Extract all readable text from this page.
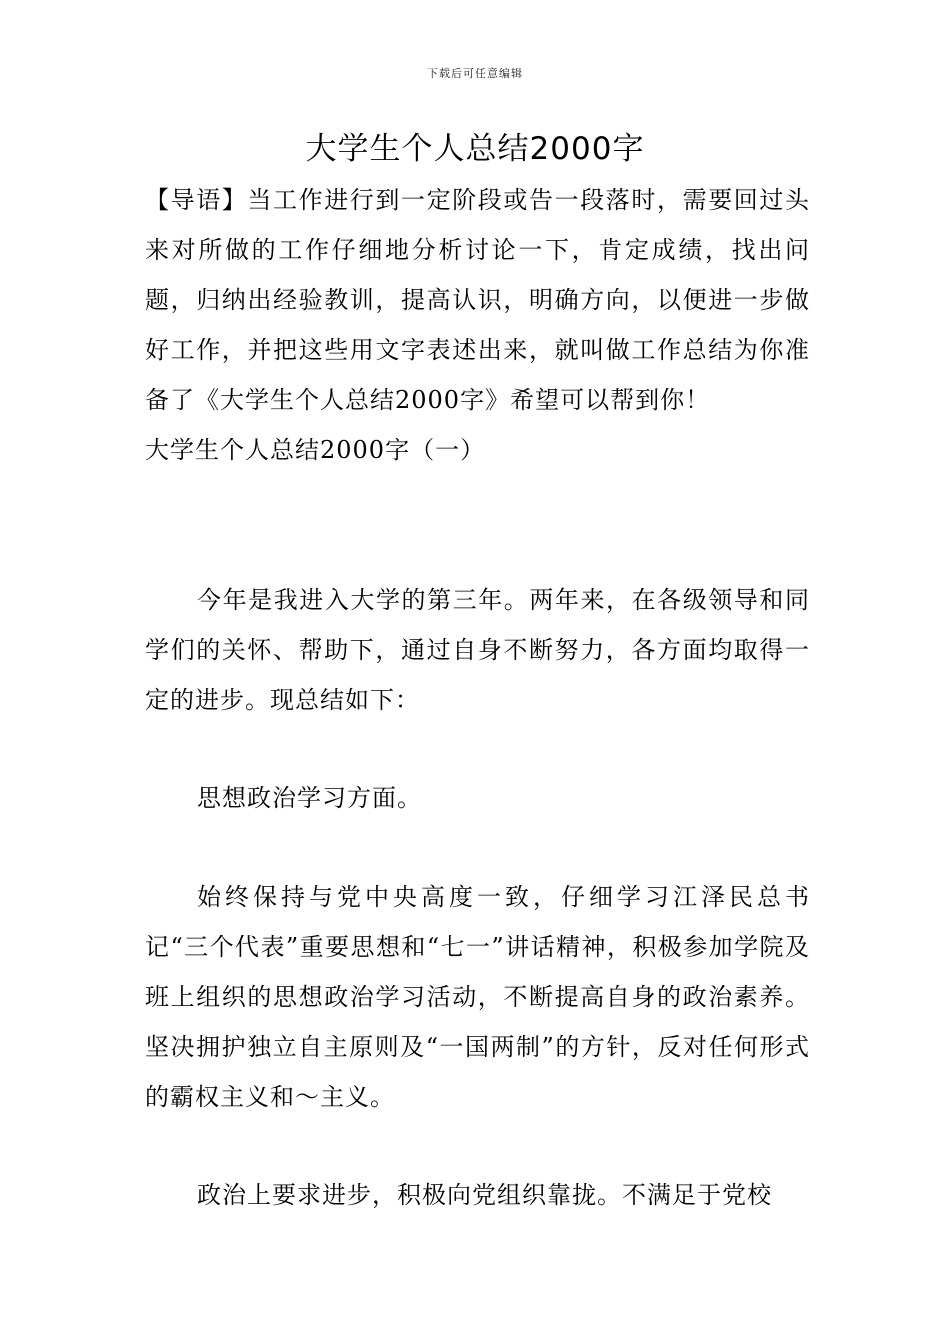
下载后可任意编辑
大学生个人总结2000字

【导语】当工作进行到一定阶段或告一段落时，需要回过头来对所做的工作仔细地分析讨论一下，肯定成绩，找出问题，归纳出经验教训，提高认识，明确方向，以便进一步做好工作，并把这些用文字表述出来，就叫做工作总结为你准备了《大学生个人总结2000字》希望可以帮到你！

大学生个人总结2000字（一）

今年是我进入大学的第三年。两年来，在各级领导和同学们的关怀、帮助下，通过自身不断努力，各方面均取得一定的进步。现总结如下：

思想政治学习方面。

始终保持与党中央高度一致，仔细学习江泽民总书记“三个代表”重要思想和“七一”讲话精神，积极参加学院及班上组织的思想政治学习活动，不断提高自身的政治素养。坚决拥护独立自主原则及“一国两制”的方针，反对任何形式的霸权主义和～主义。

政治上要求进步，积极向党组织靠拢。不满足于党校
